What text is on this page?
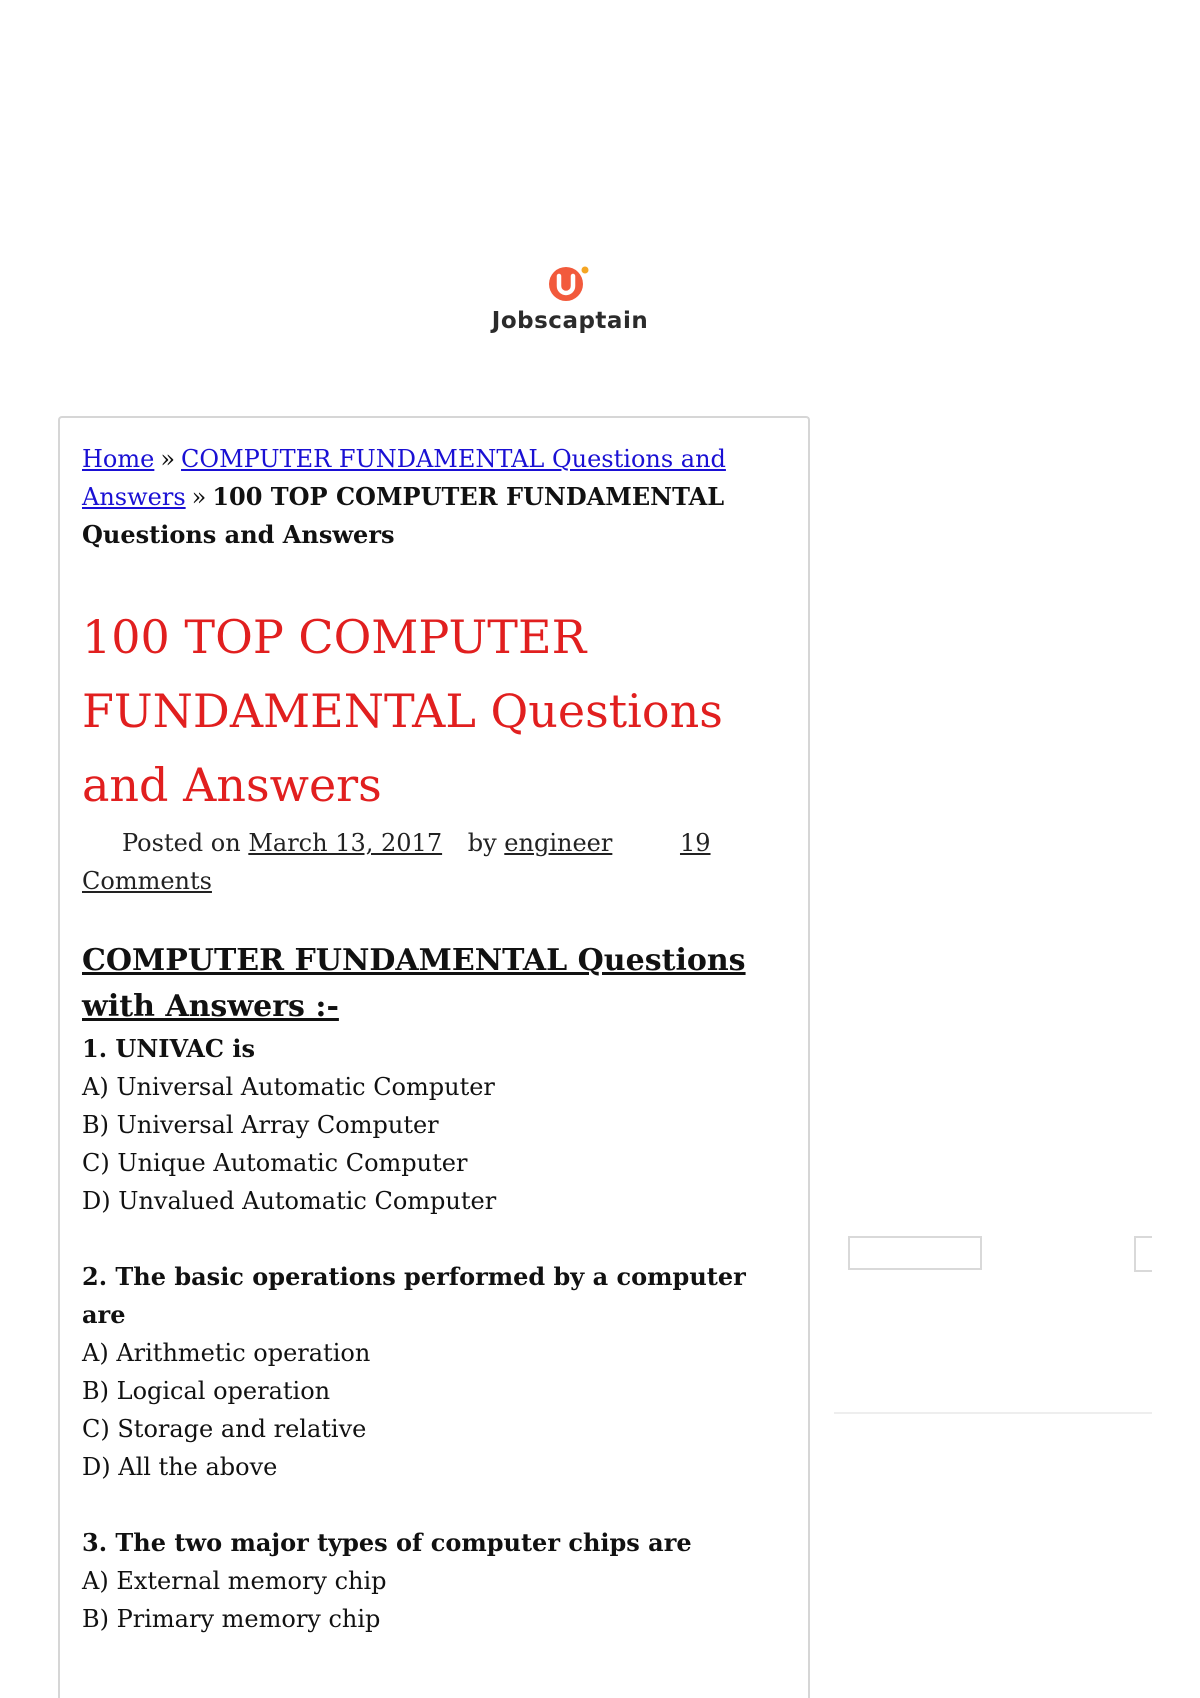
Jobscaptain
Home » COMPUTER FUNDAMENTAL Questions and Answers » 100 TOP COMPUTER FUNDAMENTAL Questions and Answers
100 TOP COMPUTER FUNDAMENTAL Questions and Answers
Posted on March 13, 2017 by engineer	19 Comments
COMPUTER FUNDAMENTAL Questions with Answers :-

1. UNIVAC is

A) Universal Automatic Computer

B) Universal Array Computer

C) Unique Automatic Computer

D) Unvalued Automatic Computer

2. The basic operations performed by a computer are

A) Arithmetic operation

B) Logical operation

C) Storage and relative

D) All the above

3. The two major types of computer chips are

A) External memory chip

B) Primary memory chip
